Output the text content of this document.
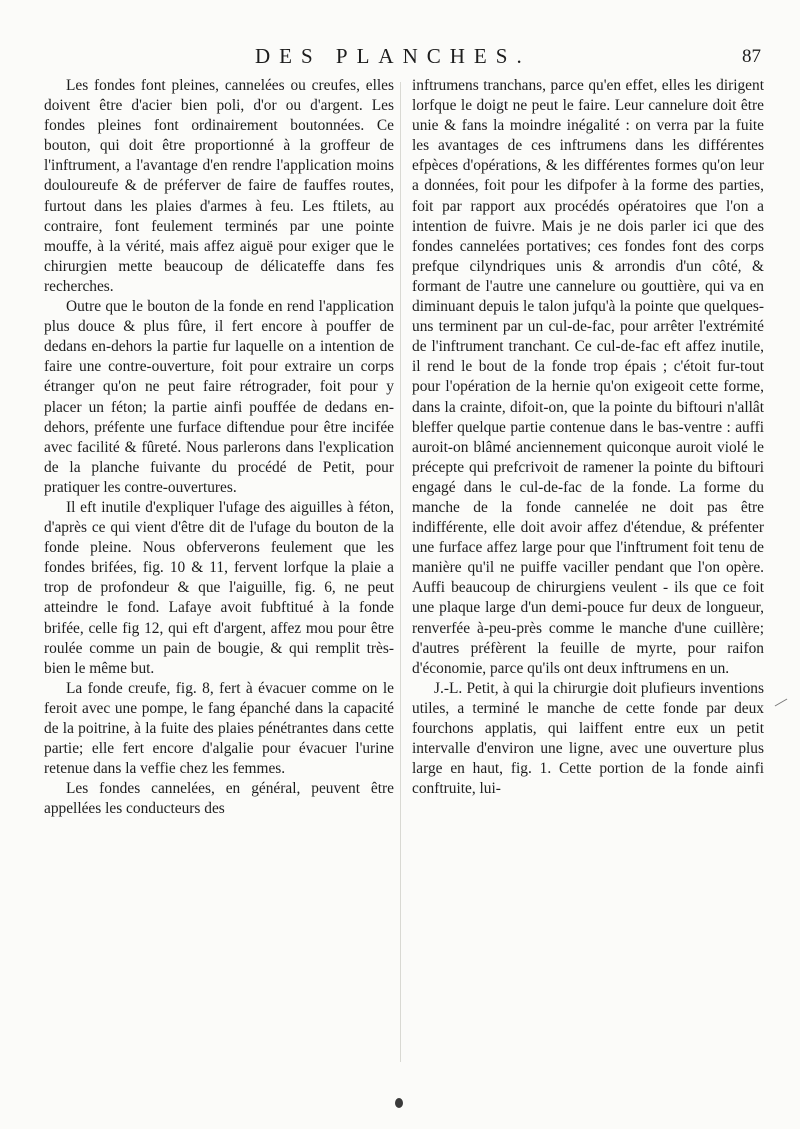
DES PLANCHES.	87

Les fondes font pleines, cannelées ou creufes, elles doivent être d'acier bien poli, d'or ou d'argent. Les fondes pleines font ordinairement boutonnées. Ce bouton, qui doit être proportionné à la groffeur de l'inftrument, a l'avantage d'en rendre l'application moins douloureufe & de préferver de faire de fauffes routes, furtout dans les plaies d'armes à feu. Les ftilets, au contraire, font feulement terminés par une pointe mouffe, à la vérité, mais affez aiguë pour exiger que le chirurgien mette beaucoup de délicateffe dans fes recherches.

Outre que le bouton de la fonde en rend l'application plus douce & plus fûre, il fert encore à pouffer de dedans en-dehors la partie fur laquelle on a intention de faire une contre-ouverture, foit pour extraire un corps étranger qu'on ne peut faire rétrograder, foit pour y placer un féton; la partie ainfi pouffée de dedans en-dehors, préfente une furface diftendue pour être incifée avec facilité & fûreté. Nous parlerons dans l'explication de la planche fuivante du procédé de Petit, pour pratiquer les contre-ouvertures.

Il eft inutile d'expliquer l'ufage des aiguilles à féton, d'après ce qui vient d'être dit de l'ufage du bouton de la fonde pleine. Nous obferverons feulement que les fondes brifées, fig. 10 & 11, fervent lorfque la plaie a trop de profondeur & que l'aiguille, fig. 6, ne peut atteindre le fond. Lafaye avoit fubftitué à la fonde brifée, celle fig 12, qui eft d'argent, affez mou pour être roulée comme un pain de bougie, & qui remplit très-bien le même but.

La fonde creufe, fig. 8, fert à évacuer comme on le feroit avec une pompe, le fang épanché dans la capacité de la poitrine, à la fuite des plaies pénétrantes dans cette partie; elle fert encore d'algalie pour évacuer l'urine retenue dans la veffie chez les femmes.

Les fondes cannelées, en général, peuvent être appellées les conducteurs des

inftrumens tranchans, parce qu'en effet, elles les dirigent lorfque le doigt ne peut le faire. Leur cannelure doit être unie & fans la moindre inégalité : on verra par la fuite les avantages de ces inftrumens dans les différentes efpèces d'opérations, & les différentes formes qu'on leur a données, foit pour les difpofer à la forme des parties, foit par rapport aux procédés opératoires que l'on a intention de fuivre. Mais je ne dois parler ici que des fondes cannelées portatives; ces fondes font des corps prefque cilyndriques unis & arrondis d'un côté, & formant de l'autre une cannelure ou gouttière, qui va en diminuant depuis le talon jufqu'à la pointe que quelques-uns terminent par un cul-de-fac, pour arrêter l'extrémité de l'inftrument tranchant. Ce cul-de-fac eft affez inutile, il rend le bout de la fonde trop épais ; c'étoit fur-tout pour l'opération de la hernie qu'on exigeoit cette forme, dans la crainte, difoit-on, que la pointe du biftouri n'allât bleffer quelque partie contenue dans le bas-ventre : auffi auroit-on blâmé anciennement quiconque auroit violé le précepte qui prefcrivoit de ramener la pointe du biftouri engagé dans le cul-de-fac de la fonde. La forme du manche de la fonde cannelée ne doit pas être indifférente, elle doit avoir affez d'étendue, & préfenter une furface affez large pour que l'inftrument foit tenu de manière qu'il ne puiffe vaciller pendant que l'on opère. Auffi beaucoup de chirurgiens veulent - ils que ce foit une plaque large d'un demi-pouce fur deux de longueur, renverfée à-peu-près comme le manche d'une cuillère; d'autres préfèrent la feuille de myrte, pour raifon d'économie, parce qu'ils ont deux inftrumens en un.

J.-L. Petit, à qui la chirurgie doit plufieurs inventions utiles, a terminé le manche de cette fonde par deux fourchons applatis, qui laiffent entre eux un petit intervalle d'environ une ligne, avec une ouverture plus large en haut, fig. 1. Cette portion de la fonde ainfi conftruite, lui-
